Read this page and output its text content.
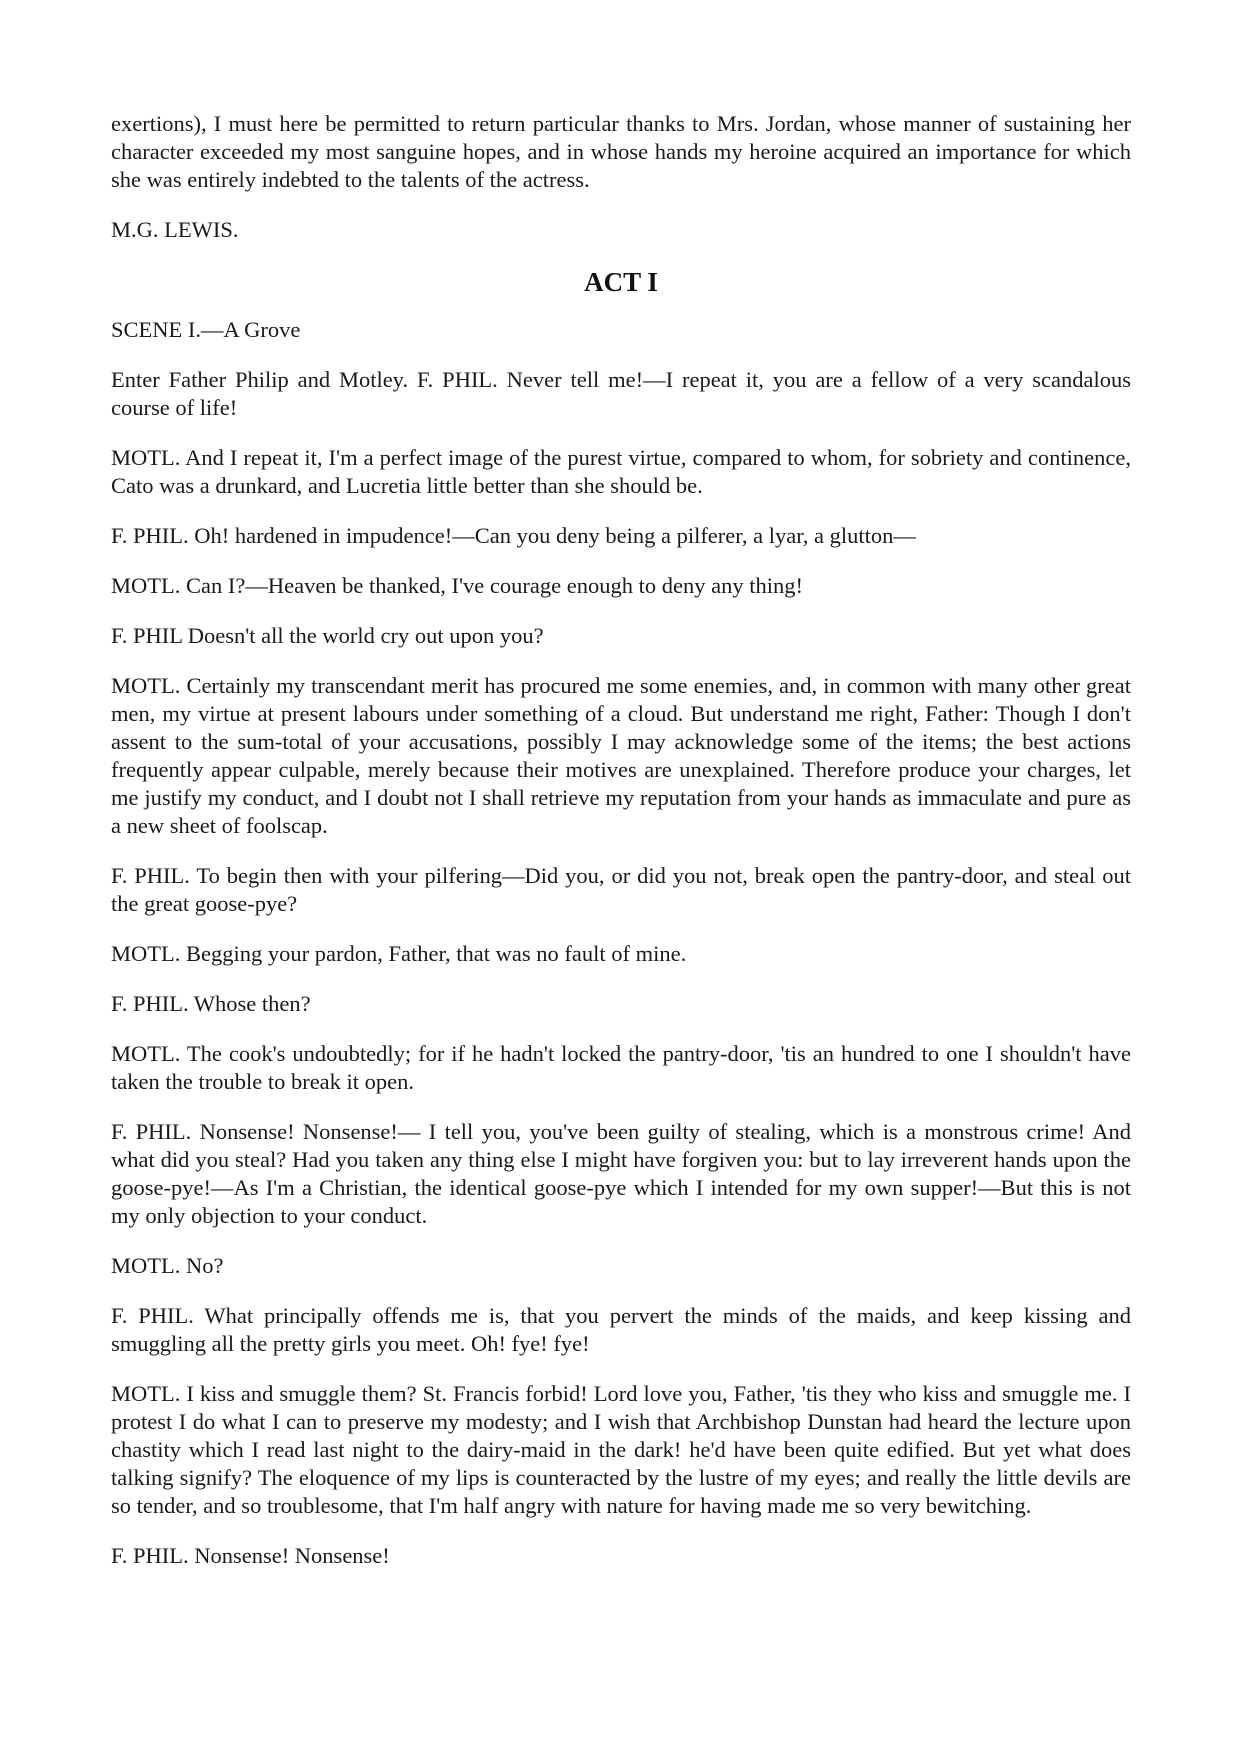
exertions), I must here be permitted to return particular thanks to Mrs. Jordan, whose manner of sustaining her character exceeded my most sanguine hopes, and in whose hands my heroine acquired an importance for which she was entirely indebted to the talents of the actress.

M.G. LEWIS.

ACT I

SCENE I.—A Grove

Enter Father Philip and Motley. F. PHIL. Never tell me!—I repeat it, you are a fellow of a very scandalous course of life!

MOTL. And I repeat it, I'm a perfect image of the purest virtue, compared to whom, for sobriety and continence, Cato was a drunkard, and Lucretia little better than she should be.

F. PHIL. Oh! hardened in impudence!—Can you deny being a pilferer, a lyar, a glutton—

MOTL. Can I?—Heaven be thanked, I've courage enough to deny any thing!

F. PHIL Doesn't all the world cry out upon you?

MOTL. Certainly my transcendant merit has procured me some enemies, and, in common with many other great men, my virtue at present labours under something of a cloud. But understand me right, Father: Though I don't assent to the sum-total of your accusations, possibly I may acknowledge some of the items; the best actions frequently appear culpable, merely because their motives are unexplained. Therefore produce your charges, let me justify my conduct, and I doubt not I shall retrieve my reputation from your hands as immaculate and pure as a new sheet of foolscap.

F. PHIL. To begin then with your pilfering—Did you, or did you not, break open the pantry-door, and steal out the great goose-pye?

MOTL. Begging your pardon, Father, that was no fault of mine.

F. PHIL. Whose then?

MOTL. The cook's undoubtedly; for if he hadn't locked the pantry-door, 'tis an hundred to one I shouldn't have taken the trouble to break it open.

F. PHIL. Nonsense! Nonsense!— I tell you, you've been guilty of stealing, which is a monstrous crime! And what did you steal? Had you taken any thing else I might have forgiven you: but to lay irreverent hands upon the goose-pye!—As I'm a Christian, the identical goose-pye which I intended for my own supper!—But this is not my only objection to your conduct.

MOTL. No?

F. PHIL. What principally offends me is, that you pervert the minds of the maids, and keep kissing and smuggling all the pretty girls you meet. Oh! fye! fye!

MOTL. I kiss and smuggle them? St. Francis forbid! Lord love you, Father, 'tis they who kiss and smuggle me. I protest I do what I can to preserve my modesty; and I wish that Archbishop Dunstan had heard the lecture upon chastity which I read last night to the dairy-maid in the dark! he'd have been quite edified. But yet what does talking signify? The eloquence of my lips is counteracted by the lustre of my eyes; and really the little devils are so tender, and so troublesome, that I'm half angry with nature for having made me so very bewitching.

F. PHIL. Nonsense! Nonsense!
